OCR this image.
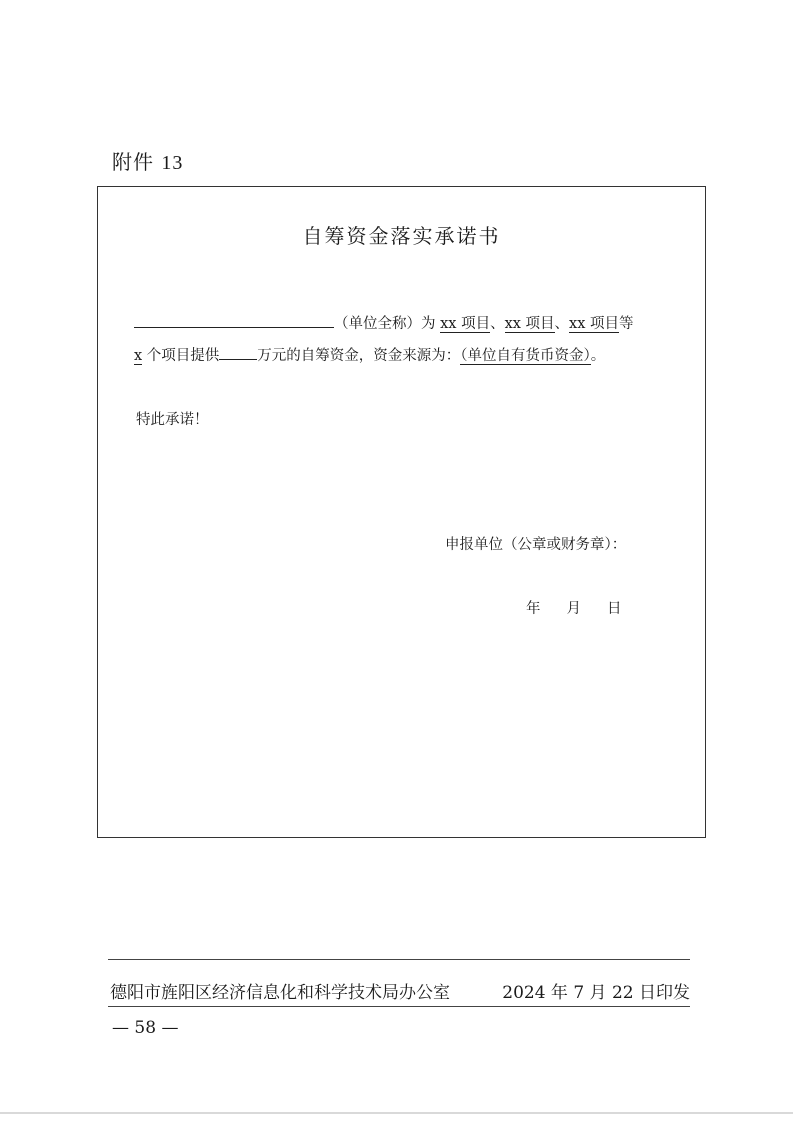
附件 13
自筹资金落实承诺书
（单位全称）为 xx 项目、xx 项目、xx 项目等
x 个项目提供	万元的自筹资金，资金来源为：（单位自有货币资金）。
特此承诺！
申报单位（公章或财务章）：
年 月 日
德阳市旌阳区经济信息化和科学技术局办公室	2024 年 7 月 22 日印发
— 58 —
